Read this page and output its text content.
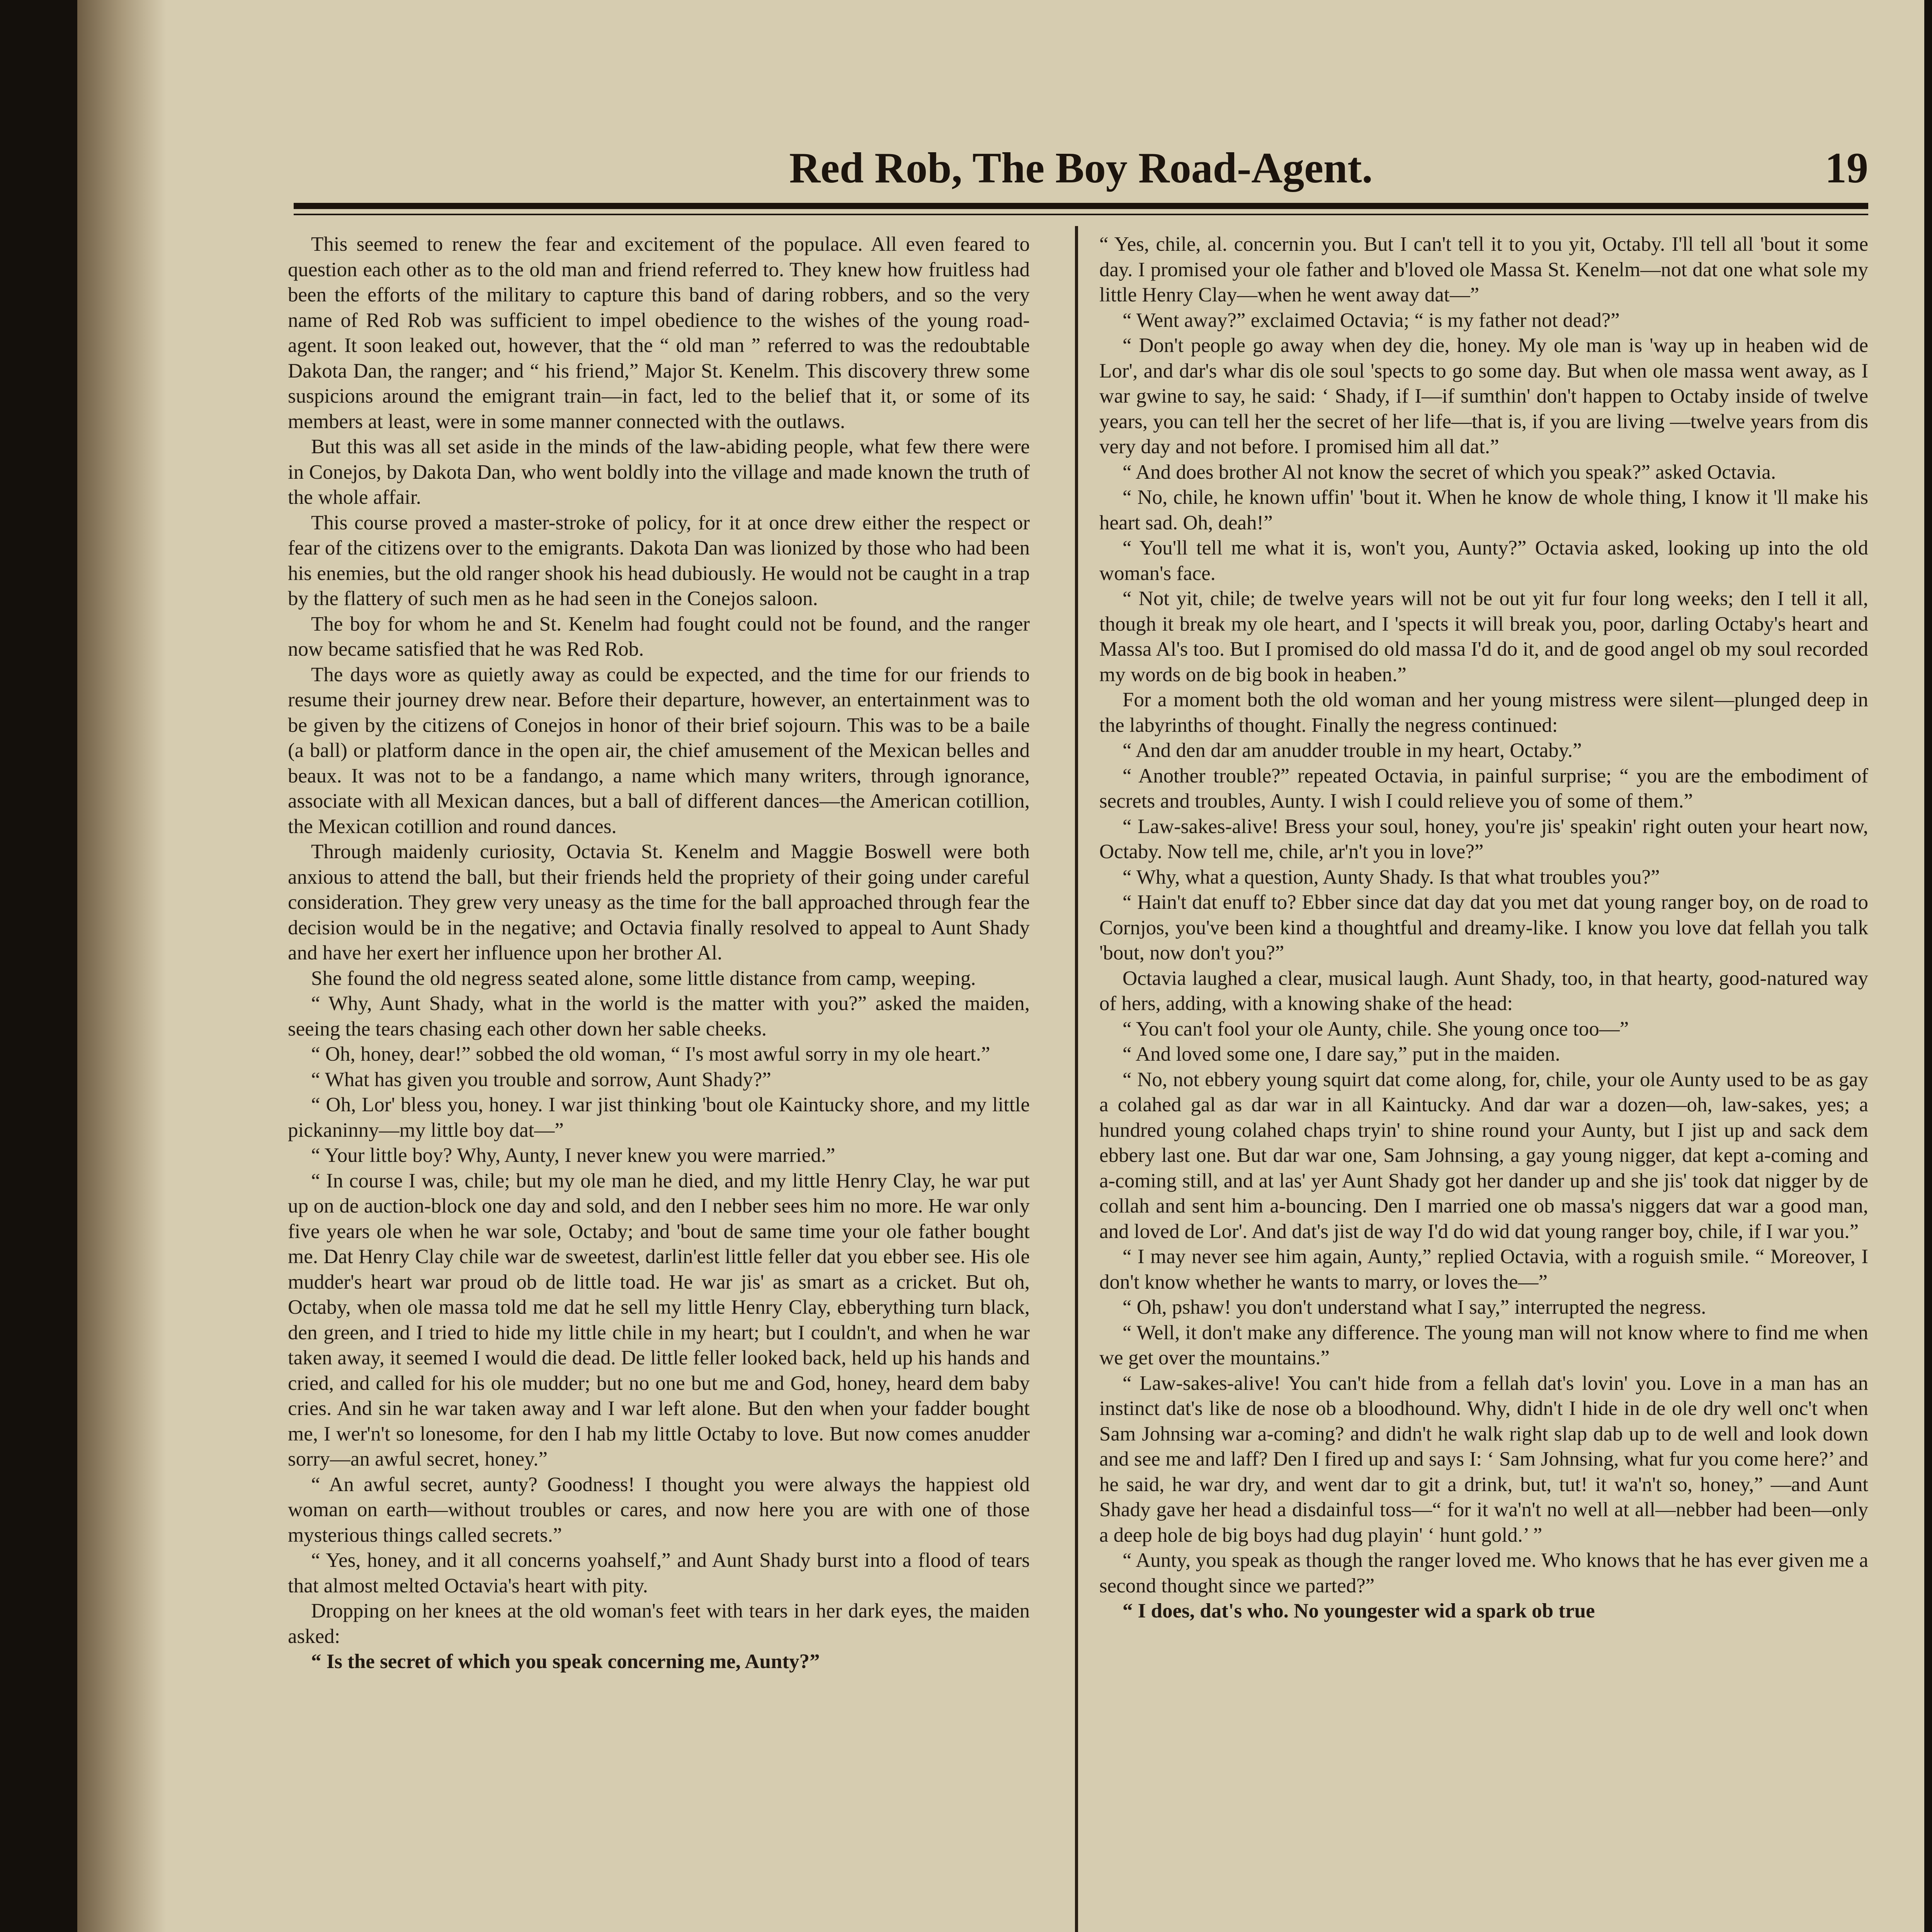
Red Rob, The Boy Road-Agent.	19

This seemed to renew the fear and excitement of the populace. All even feared to question each other as to the old man and friend referred to. They knew how fruitless had been the efforts of the military to capture this band of daring robbers, and so the very name of Red Rob was sufficient to impel obedience to the wishes of the young road-agent. It soon leaked out, however, that the “ old man ” referred to was the redoubtable Dakota Dan, the ranger; and “ his friend,” Major St. Kenelm. This discovery threw some suspicions around the emigrant train—in fact, led to the belief that it, or some of its members at least, were in some manner connected with the outlaws.

But this was all set aside in the minds of the law-abiding people, what few there were in Conejos, by Dakota Dan, who went boldly into the village and made known the truth of the whole affair.

This course proved a master-stroke of policy, for it at once drew either the respect or fear of the citizens over to the emigrants. Dakota Dan was lionized by those who had been his enemies, but the old ranger shook his head dubiously. He would not be caught in a trap by the flattery of such men as he had seen in the Conejos saloon.

The boy for whom he and St. Kenelm had fought could not be found, and the ranger now became satisfied that he was Red Rob.

The days wore as quietly away as could be expected, and the time for our friends to resume their journey drew near. Before their departure, however, an entertainment was to be given by the citizens of Conejos in honor of their brief sojourn. This was to be a baile (a ball) or platform dance in the open air, the chief amusement of the Mexican belles and beaux. It was not to be a fandango, a name which many writers, through ignorance, associate with all Mexican dances, but a ball of different dances—the American cotillion, the Mexican cotillion and round dances.

Through maidenly curiosity, Octavia St. Kenelm and Maggie Boswell were both anxious to attend the ball, but their friends held the propriety of their going under careful consideration. They grew very uneasy as the time for the ball approached through fear the decision would be in the negative; and Octavia finally resolved to appeal to Aunt Shady and have her exert her influence upon her brother Al.

She found the old negress seated alone, some little distance from camp, weeping.

“ Why, Aunt Shady, what in the world is the matter with you?” asked the maiden, seeing the tears chasing each other down her sable cheeks.

“ Oh, honey, dear!” sobbed the old woman, “ I's most awful sorry in my ole heart.”

“ What has given you trouble and sorrow, Aunt Shady?”

“ Oh, Lor' bless you, honey. I war jist thinking 'bout ole Kaintucky shore, and my little pickaninny—my little boy dat—”

“ Your little boy? Why, Aunty, I never knew you were married.”

“ In course I was, chile; but my ole man he died, and my little Henry Clay, he war put up on de auction-block one day and sold, and den I nebber sees him no more. He war only five years ole when he war sole, Octaby; and 'bout de same time your ole father bought me. Dat Henry Clay chile war de sweetest, darlin'est little feller dat you ebber see. His ole mudder's heart war proud ob de little toad. He war jis' as smart as a cricket. But oh, Octaby, when ole massa told me dat he sell my little Henry Clay, ebberything turn black, den green, and I tried to hide my little chile in my heart; but I couldn't, and when he war taken away, it seemed I would die dead. De little feller looked back, held up his hands and cried, and called for his ole mudder; but no one but me and God, honey, heard dem baby cries. And sin he war taken away and I war left alone. But den when your fadder bought me, I wer'n't so lonesome, for den I hab my little Octaby to love. But now comes anudder sorry—an awful secret, honey.”

“ An awful secret, aunty? Goodness! I thought you were always the happiest old woman on earth—without troubles or cares, and now here you are with one of those mysterious things called secrets.”

“ Yes, honey, and it all concerns yoahself,” and Aunt Shady burst into a flood of tears that almost melted Octavia's heart with pity.

Dropping on her knees at the old woman's feet with tears in her dark eyes, the maiden asked:

“ Is the secret of which you speak concerning me, Aunty?”

“ Yes, chile, al. concernin you. But I can't tell it to you yit, Octaby. I'll tell all 'bout it some day. I promised your ole father and b'loved ole Massa St. Kenelm—not dat one what sole my little Henry Clay—when he went away dat—”

“ Went away?” exclaimed Octavia; “ is my father not dead?”

“ Don't people go away when dey die, honey. My ole man is 'way up in heaben wid de Lor', and dar's whar dis ole soul 'spects to go some day. But when ole massa went away, as I war gwine to say, he said: ‘ Shady, if I—if sumthin' don't happen to Octaby inside of twelve years, you can tell her the secret of her life—that is, if you are living —twelve years from dis very day and not before. I promised him all dat.”

“ And does brother Al not know the secret of which you speak?” asked Octavia.

“ No, chile, he known uffin' 'bout it. When he know de whole thing, I know it 'll make his heart sad. Oh, deah!”

“ You'll tell me what it is, won't you, Aunty?” Octavia asked, looking up into the old woman's face.

“ Not yit, chile; de twelve years will not be out yit fur four long weeks; den I tell it all, though it break my ole heart, and I 'spects it will break you, poor, darling Octaby's heart and Massa Al's too. But I promised do old massa I'd do it, and de good angel ob my soul recorded my words on de big book in heaben.”

For a moment both the old woman and her young mistress were silent—plunged deep in the labyrinths of thought. Finally the negress continued:

“ And den dar am anudder trouble in my heart, Octaby.”

“ Another trouble?” repeated Octavia, in painful surprise; “ you are the embodiment of secrets and troubles, Aunty. I wish I could relieve you of some of them.”

“ Law-sakes-alive! Bress your soul, honey, you're jis' speakin' right outen your heart now, Octaby. Now tell me, chile, ar'n't you in love?”

“ Why, what a question, Aunty Shady. Is that what troubles you?”

“ Hain't dat enuff to? Ebber since dat day dat you met dat young ranger boy, on de road to Cornjos, you've been kind a thoughtful and dreamy-like. I know you love dat fellah you talk 'bout, now don't you?”

Octavia laughed a clear, musical laugh. Aunt Shady, too, in that hearty, good-natured way of hers, adding, with a knowing shake of the head:

“ You can't fool your ole Aunty, chile. She young once too—”

“ And loved some one, I dare say,” put in the maiden.

“ No, not ebbery young squirt dat come along, for, chile, your ole Aunty used to be as gay a colahed gal as dar war in all Kaintucky. And dar war a dozen—oh, law-sakes, yes; a hundred young colahed chaps tryin' to shine round your Aunty, but I jist up and sack dem ebbery last one. But dar war one, Sam Johnsing, a gay young nigger, dat kept a-coming and a-coming still, and at las' yer Aunt Shady got her dander up and she jis' took dat nigger by de collah and sent him a-bouncing. Den I married one ob massa's niggers dat war a good man, and loved de Lor'. And dat's jist de way I'd do wid dat young ranger boy, chile, if I war you.”

“ I may never see him again, Aunty,” replied Octavia, with a roguish smile. “ Moreover, I don't know whether he wants to marry, or loves the—”

“ Oh, pshaw! you don't understand what I say,” interrupted the negress.

“ Well, it don't make any difference. The young man will not know where to find me when we get over the mountains.”

“ Law-sakes-alive! You can't hide from a fellah dat's lovin' you. Love in a man has an instinct dat's like de nose ob a bloodhound. Why, didn't I hide in de ole dry well onc't when Sam Johnsing war a-coming? and didn't he walk right slap dab up to de well and look down and see me and laff? Den I fired up and says I: ‘ Sam Johnsing, what fur you come here?’ and he said, he war dry, and went dar to git a drink, but, tut! it wa'n't so, honey,” —and Aunt Shady gave her head a disdainful toss—“ for it wa'n't no well at all—nebber had been—only a deep hole de big boys had dug playin' ‘ hunt gold.’ ”

“ Aunty, you speak as though the ranger loved me. Who knows that he has ever given me a second thought since we parted?”

“ I does, dat's who. No youngester wid a spark ob true
